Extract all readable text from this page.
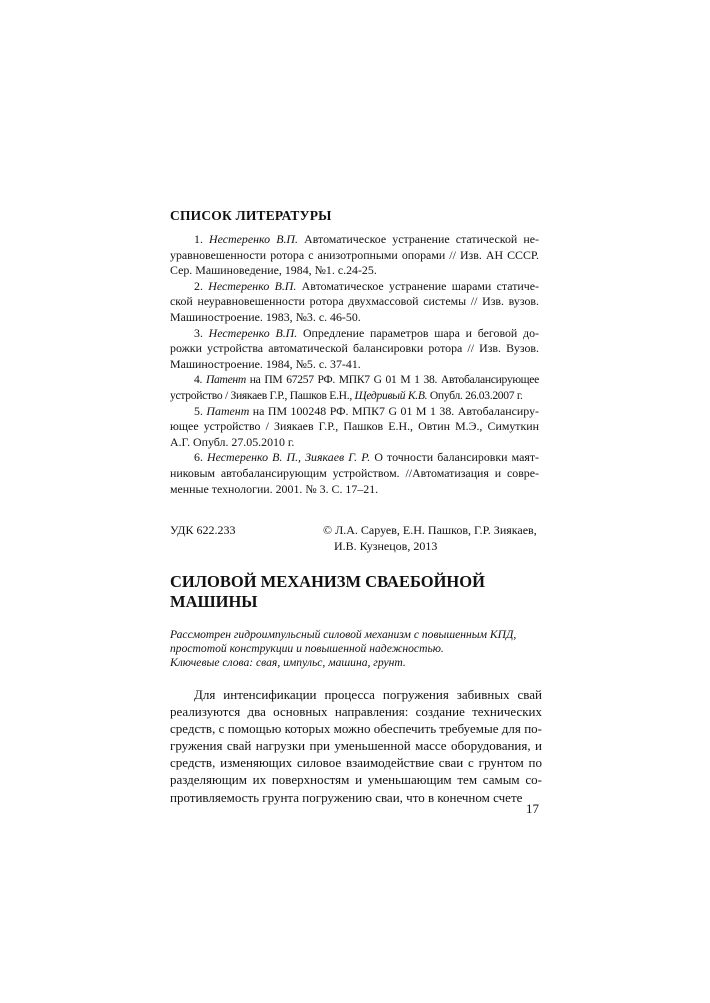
СПИСОК ЛИТЕРАТУРЫ
1. Нестеренко В.П. Автоматическое устранение статической неуравновешенности ротора с анизотропными опорами // Изв. АН СССР. Сер. Машиноведение, 1984, №1. с.24-25.
2. Нестеренко В.П. Автоматическое устранение шарами статической неуравновешенности ротора двухмассовой системы // Изв. вузов. Машиностроение. 1983, №3. с. 46-50.
3. Нестеренко В.П. Опредление параметров шара и беговой дорожки устройства автоматической балансировки ротора // Изв. Вузов. Машиностроение. 1984, №5. с. 37-41.
4. Патент на ПМ 67257 РФ. МПК7 G 01 M 1 38. Автобалансирующее устройство / Зиякаев Г.Р., Пашков Е.Н., Щедривый К.В. Опубл. 26.03.2007 г.
5. Патент на ПМ 100248 РФ. МПК7 G 01 M 1 38. Автобалансирующее устройство / Зиякаев Г.Р., Пашков Е.Н., Овтин М.Э., Симуткин А.Г. Опубл. 27.05.2010 г.
6. Нестеренко В. П., Зиякаев Г. Р. О точности балансировки маятниковым автобалансирующим устройством. //Автоматизация и современные технологии. 2001. № 3. С. 17–21.
УДК 622.233	© Л.А. Саруев, Е.Н. Пашков, Г.Р. Зиякаев,
И.В. Кузнецов, 2013
СИЛОВОЙ МЕХАНИЗМ СВАЕБОЙНОЙ МАШИНЫ

Рассмотрен гидроимпульсный силовой механизм с повышенным КПД, простотой конструкции и повышенной надежностью.

Ключевые слова: свая, импульс, машина, грунт.

Для интенсификации процесса погружения забивных свай реализуются два основных направления: создание технических средств, с помощью которых можно обеспечить требуемые для погружения свай нагрузки при уменьшенной массе оборудования, и средств, изменяющих силовое взаимодействие сваи с грунтом по разделяющим их поверхностям и уменьшающим тем самым сопротивляемость грунта погружению сваи, что в конечном счете

17
